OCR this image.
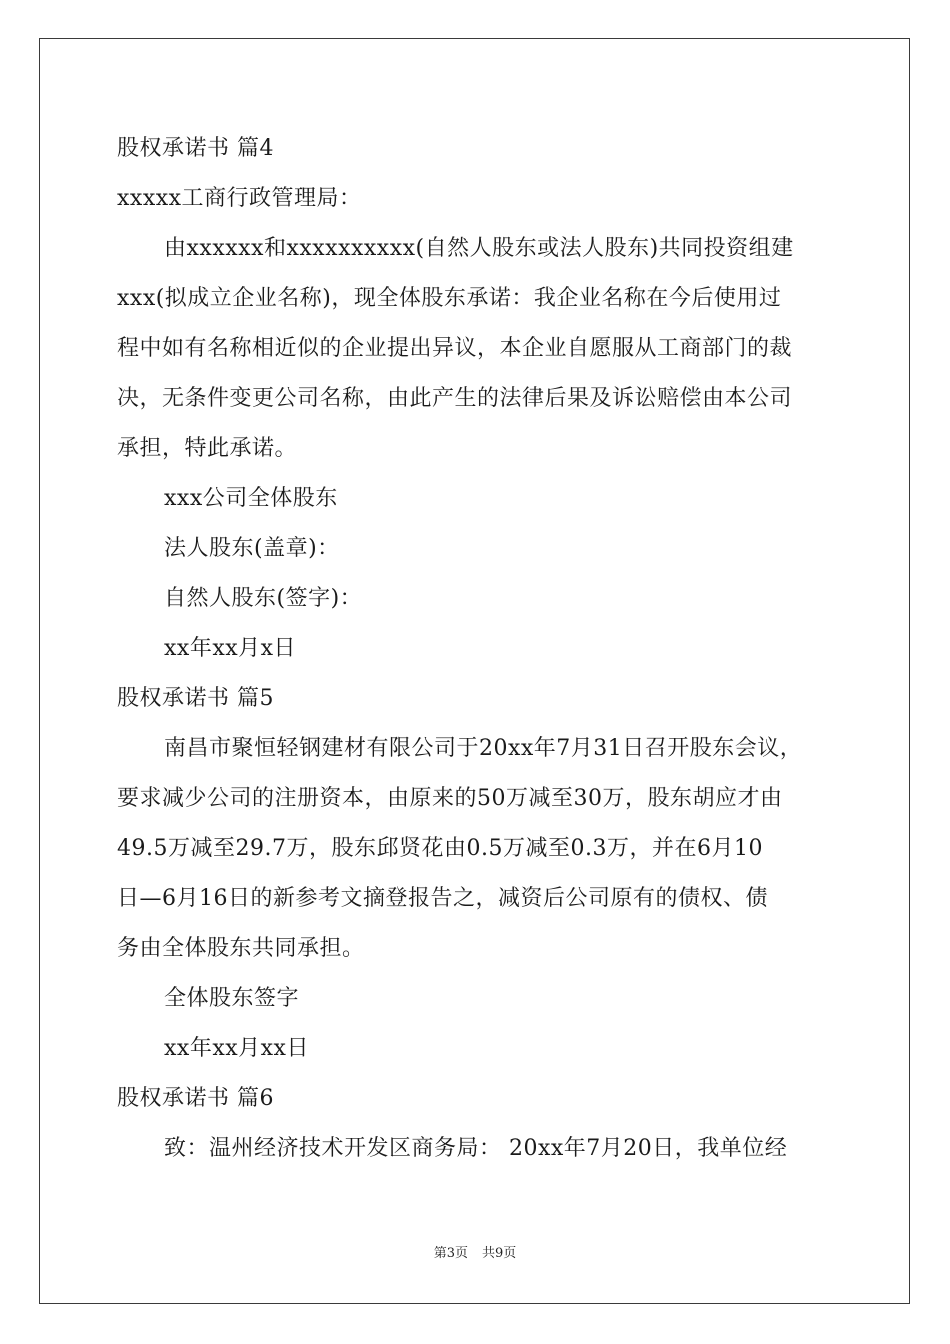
股权承诺书 篇4
xxxxx工商行政管理局：
由xxxxxx和xxxxxxxxxx(自然人股东或法人股东)共同投资组建
xxx(拟成立企业名称)，现全体股东承诺：我企业名称在今后使用过
程中如有名称相近似的企业提出异议，本企业自愿服从工商部门的裁
决，无条件变更公司名称，由此产生的法律后果及诉讼赔偿由本公司
承担，特此承诺。
xxx公司全体股东
法人股东(盖章)：
自然人股东(签字)：
xx年xx月x日
股权承诺书 篇5
南昌市聚恒轻钢建材有限公司于20xx年7月31日召开股东会议，
要求减少公司的注册资本，由原来的50万减至30万，股东胡应才由
49.5万减至29.7万，股东邱贤花由0.5万减至0.3万，并在6月10
日—6月16日的新参考文摘登报告之，减资后公司原有的债权、债
务由全体股东共同承担。
全体股东签字
xx年xx月xx日
股权承诺书 篇6
致：温州经济技术开发区商务局： 20xx年7月20日，我单位经
第3页 共9页
